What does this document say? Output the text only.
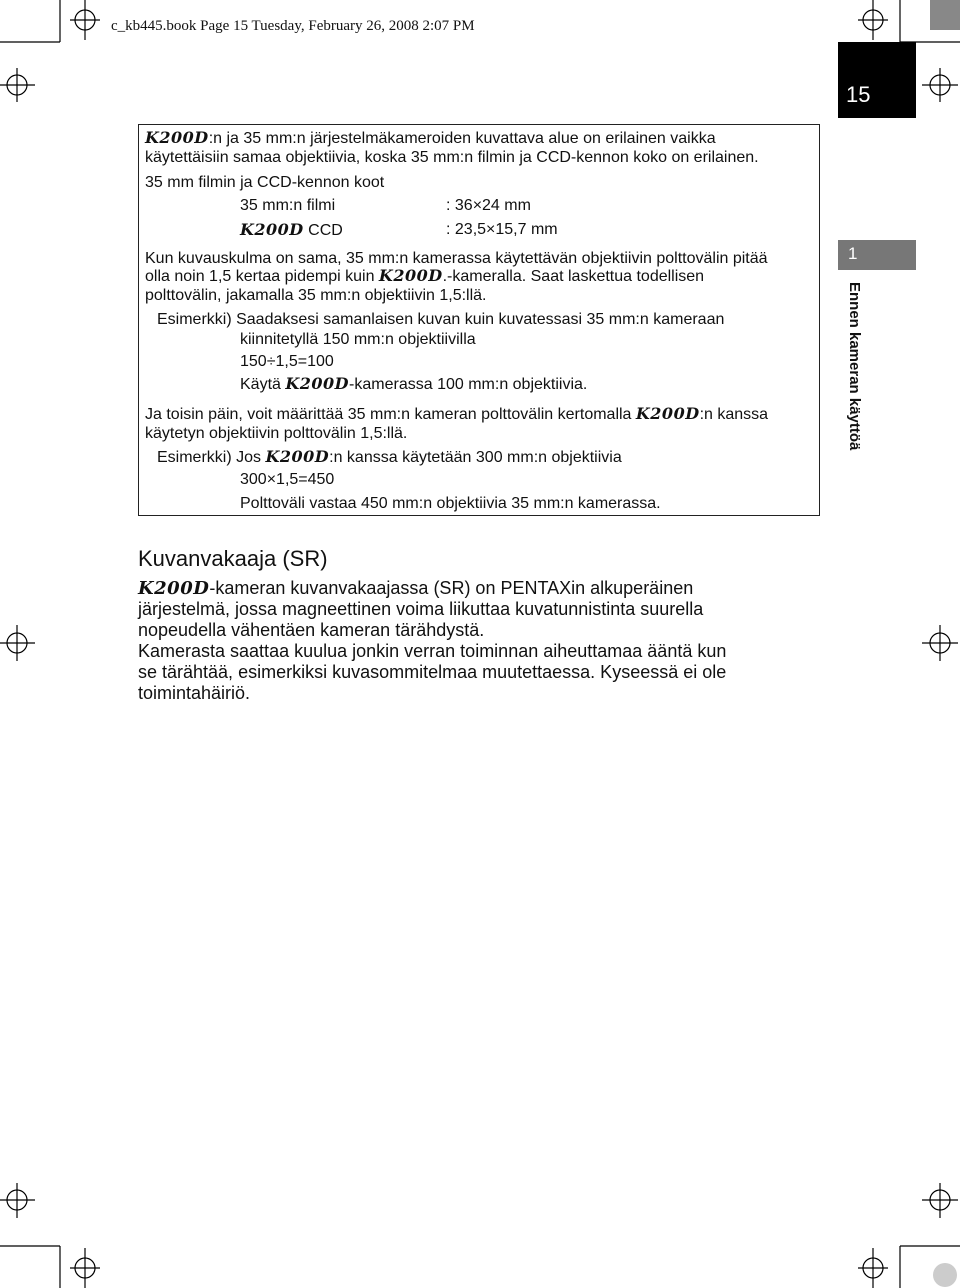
c_kb445.book Page 15 Tuesday, February 26, 2008 2:07 PM
15
1
Ennen kameran käyttöä
K200D:n ja 35 mm:n järjestelmäkameroiden kuvattava alue on erilainen vaikka
käytettäisiin samaa objektiivia, koska 35 mm:n filmin ja CCD-kennon koko on erilainen.
35 mm filmin ja CCD-kennon koot
35 mm:n filmi	: 36×24 mm
K200D CCD	: 23,5×15,7 mm
Kun kuvauskulma on sama, 35 mm:n kamerassa käytettävän objektiivin polttovälin pitää
olla noin 1,5 kertaa pidempi kuin K200D.-kameralla. Saat laskettua todellisen
polttovälin, jakamalla 35 mm:n objektiivin 1,5:llä.
Esimerkki) Saadaksesi samanlaisen kuvan kuin kuvatessasi 35 mm:n kameraan
kiinnitetyllä 150 mm:n objektiivilla
150÷1,5=100
Käytä K200D-kamerassa 100 mm:n objektiivia.
Ja toisin päin, voit määrittää 35 mm:n kameran polttovälin kertomalla K200D:n kanssa
käytetyn objektiivin polttovälin 1,5:llä.
Esimerkki) Jos K200D:n kanssa käytetään 300 mm:n objektiivia
300×1,5=450
Polttoväli vastaa 450 mm:n objektiivia 35 mm:n kamerassa.
Kuvanvakaaja (SR)
K200D-kameran kuvanvakaajassa (SR) on PENTAXin alkuperäinen
järjestelmä, jossa magneettinen voima liikuttaa kuvatunnistinta suurella
nopeudella vähentäen kameran tärähdystä.
Kamerasta saattaa kuulua jonkin verran toiminnan aiheuttamaa ääntä kun
se tärähtää, esimerkiksi kuvasommitelmaa muutettaessa. Kyseessä ei ole
toimintahäiriö.
